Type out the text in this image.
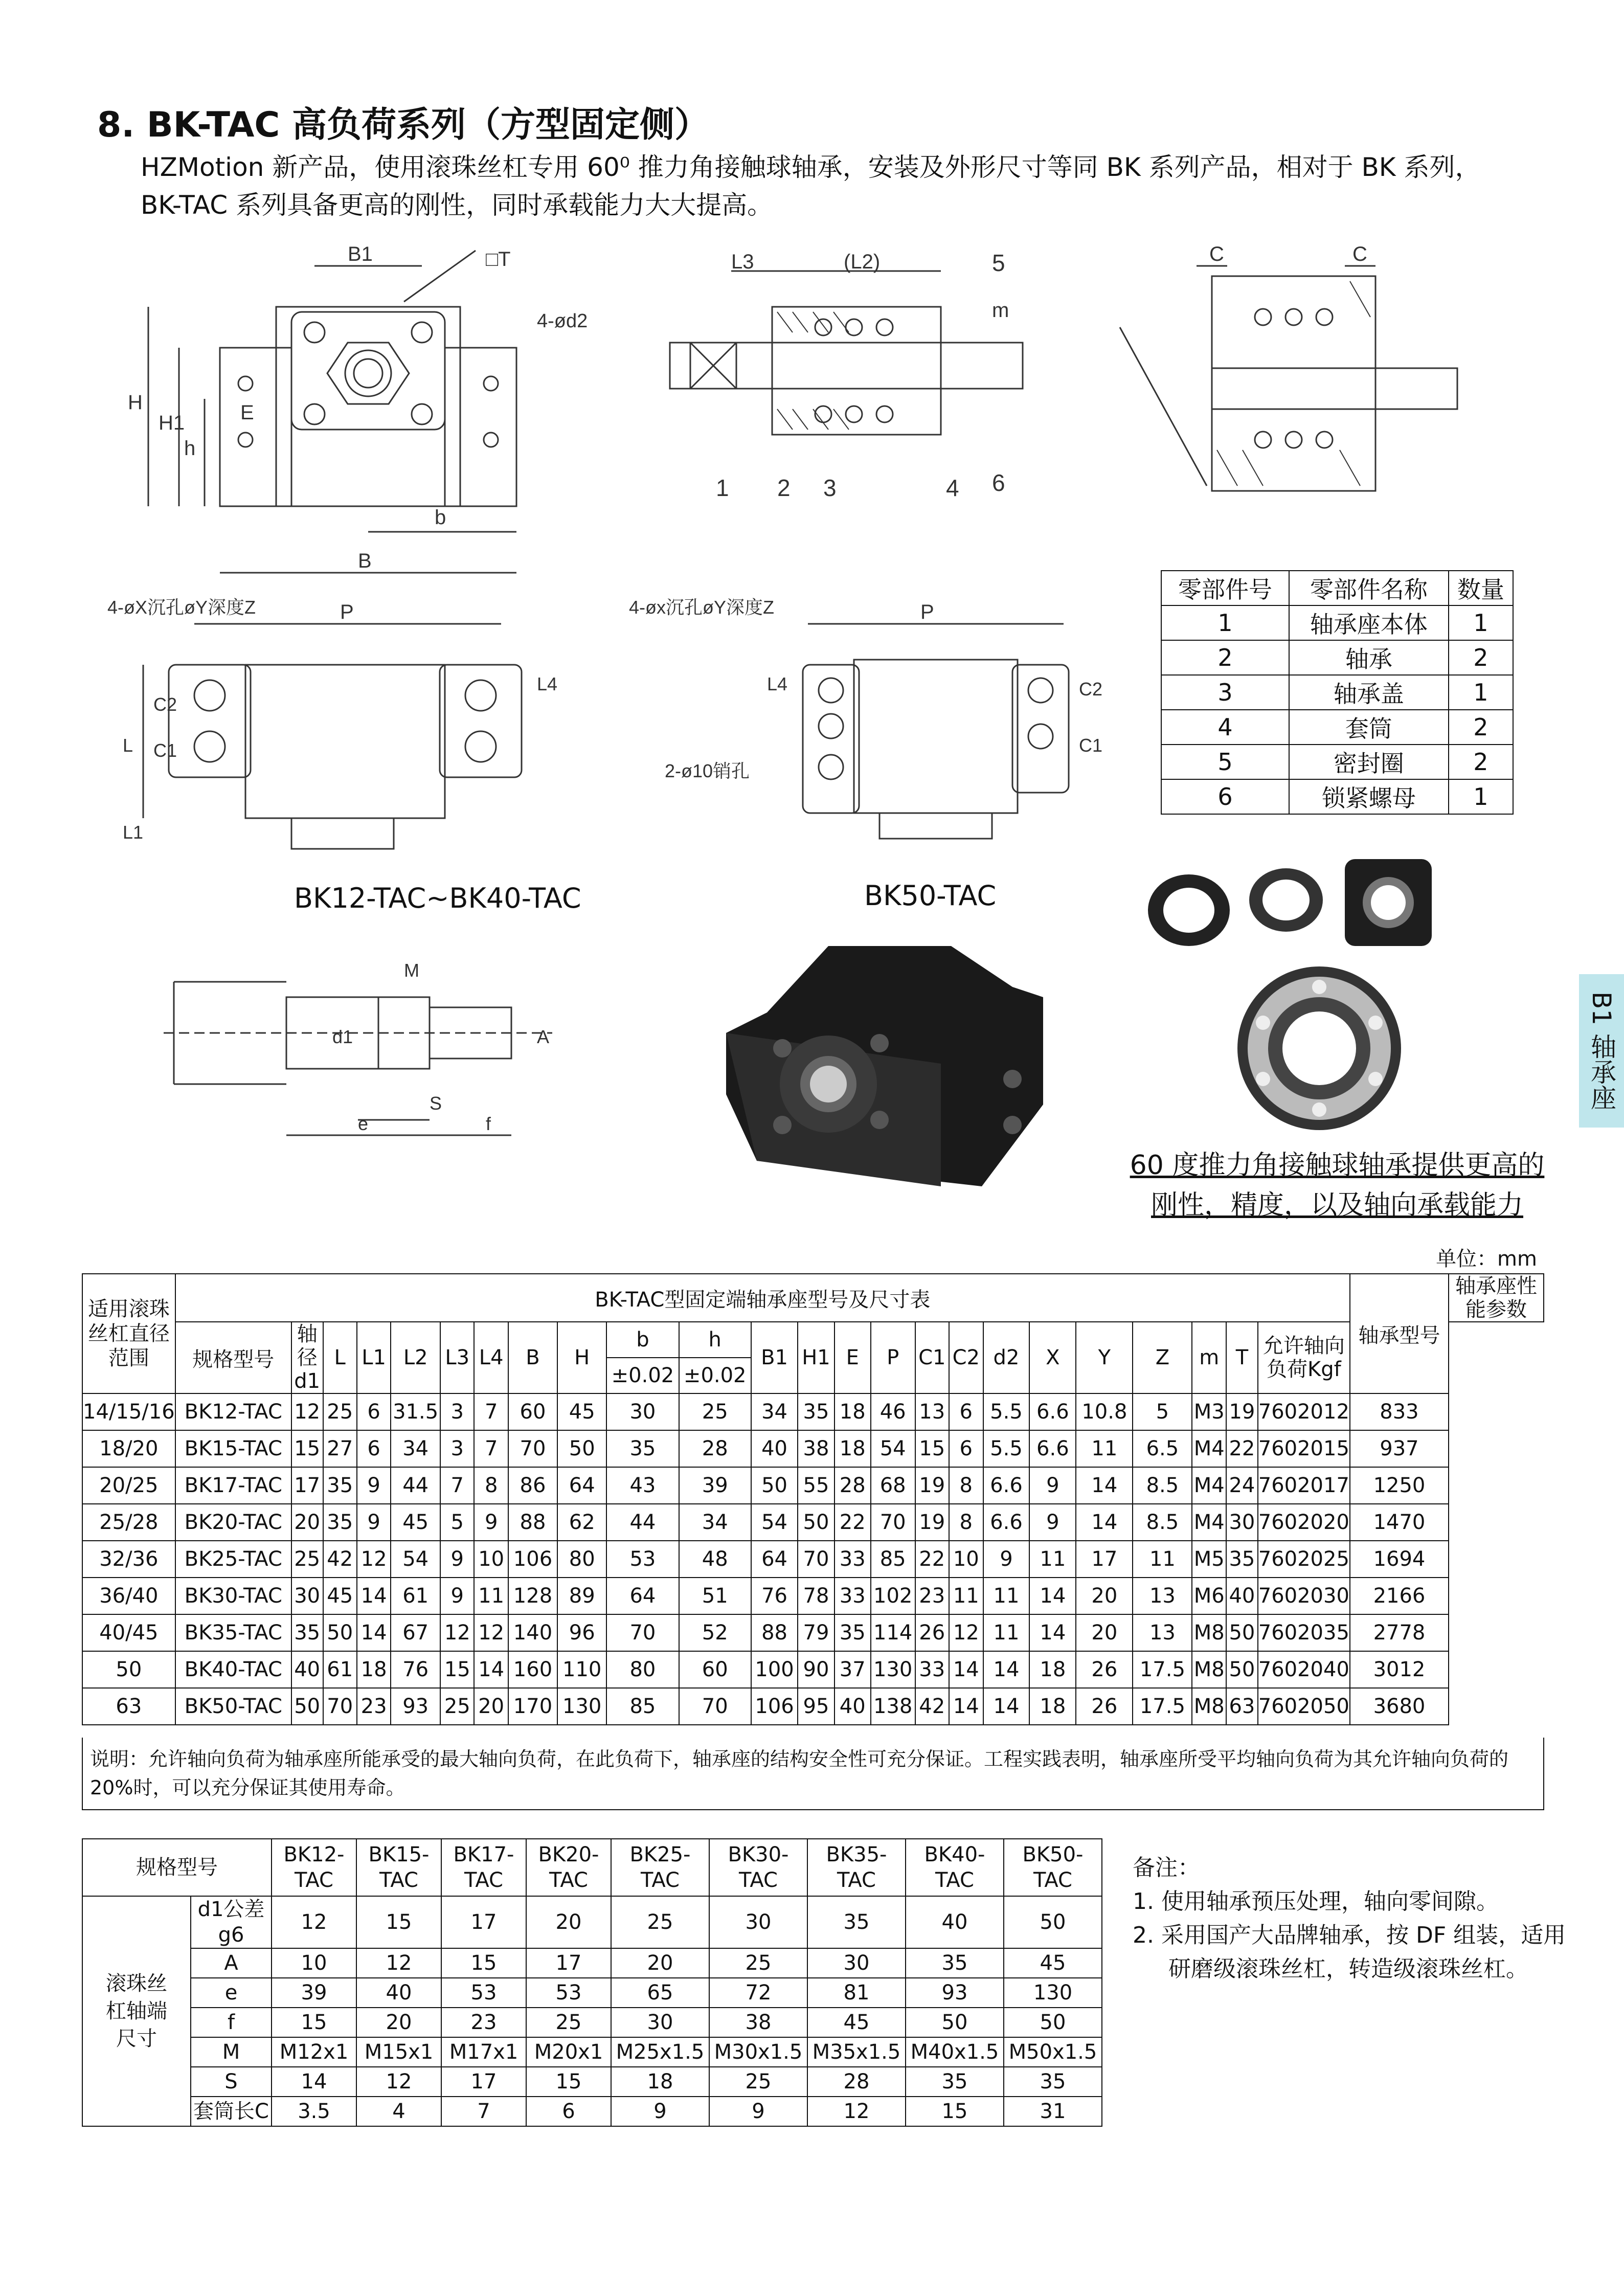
8. BK-TAC 高负荷系列（方型固定侧）
HZMotion 新产品，使用滚珠丝杠专用 60⁰ 推力角接触球轴承，安装及外形尺寸等同 BK 系列产品，相对于 BK 系列，BK-TAC 系列具备更高的刚性，同时承载能力大大提高。
B1 轴承座
B1	□T
4-ød2
H
H1
h
E
b
B
L3	(L2)	5
m
1 2 3	4 6
C	C
4-øX沉孔øY深度Z	P
L4
C2
C1
L
L1
4-øx沉孔øY深度Z	P
L4	C2
C1
2-ø10销孔
BK12-TAC~BK40-TAC	BK50-TAC
零部件号	零部件名称	数量
1	轴承座本体	1
2	轴承	2
3	轴承盖	1
4	套筒	2
5	密封圈	2
6	锁紧螺母	1
M
d1	A
S
e	f
60 度推力角接触球轴承提供更高的
刚性，精度，以及轴向承载能力
单位：mm
适用滚珠丝杠直径范围	BK-TAC型固定端轴承座型号及尺寸表																								轴承型号	轴承座性能参数
	规格型号	轴径d1	L	L1	L2	L3	L4	B	H	b	h	B1	H1	E	P	C1	C2	d2	X	Y	Z	m	T	允许轴向负荷Kgf		
										±0.02	±0.02															
14/15/16	BK12-TAC	12	25	6	31.5	3	7	60	45	30	25	34	35	18	46	13	6	5.5	6.6	10.8	5	M3	19	7602012	833	
18/20	BK15-TAC	15	27	6	34	3	7	70	50	35	28	40	38	18	54	15	6	5.5	6.6	11	6.5	M4	22	7602015	937	
20/25	BK17-TAC	17	35	9	44	7	8	86	64	43	39	50	55	28	68	19	8	6.6	9	14	8.5	M4	24	7602017	1250	
25/28	BK20-TAC	20	35	9	45	5	9	88	62	44	34	54	50	22	70	19	8	6.6	9	14	8.5	M4	30	7602020	1470	
32/36	BK25-TAC	25	42	12	54	9	10	106	80	53	48	64	70	33	85	22	10	9	11	17	11	M5	35	7602025	1694	
36/40	BK30-TAC	30	45	14	61	9	11	128	89	64	51	76	78	33	102	23	11	11	14	20	13	M6	40	7602030	2166	
40/45	BK35-TAC	35	50	14	67	12	12	140	96	70	52	88	79	35	114	26	12	11	14	20	13	M8	50	7602035	2778	
50	BK40-TAC	40	61	18	76	15	14	160	110	80	60	100	90	37	130	33	14	14	18	26	17.5	M8	50	7602040	3012	
63	BK50-TAC	50	70	23	93	25	20	170	130	85	70	106	95	40	138	42	14	14	18	26	17.5	M8	63	7602050	3680	
说明：允许轴向负荷为轴承座所能承受的最大轴向负荷，在此负荷下，轴承座的结构安全性可充分保证。工程实践表明，轴承座所受平均轴向负荷为其允许轴向负荷的20%时，可以充分保证其使用寿命。
规格型号		BK12-TAC	BK15-TAC	BK17-TAC	BK20-TAC	BK25-TAC	BK30-TAC	BK35-TAC	BK40-TAC	BK50-TAC
滚珠丝杠轴端尺寸	d1公差g6	12	15	17	20	25	30	35	40	50
	A	10	12	15	17	20	25	30	35	45
	e	39	40	53	53	65	72	81	93	130
	f	15	20	23	25	30	38	45	50	50
	M	M12x1	M15x1	M17x1	M20x1	M25x1.5	M30x1.5	M35x1.5	M40x1.5	M50x1.5
	S	14	12	17	15	18	25	28	35	35
	套筒长C	3.5	4	7	6	9	9	12	15	31
备注：
1. 使用轴承预压处理，轴向零间隙。
2. 采用国产大品牌轴承，按 DF 组装，适用研磨级滚珠丝杠，转造级滚珠丝杠。
